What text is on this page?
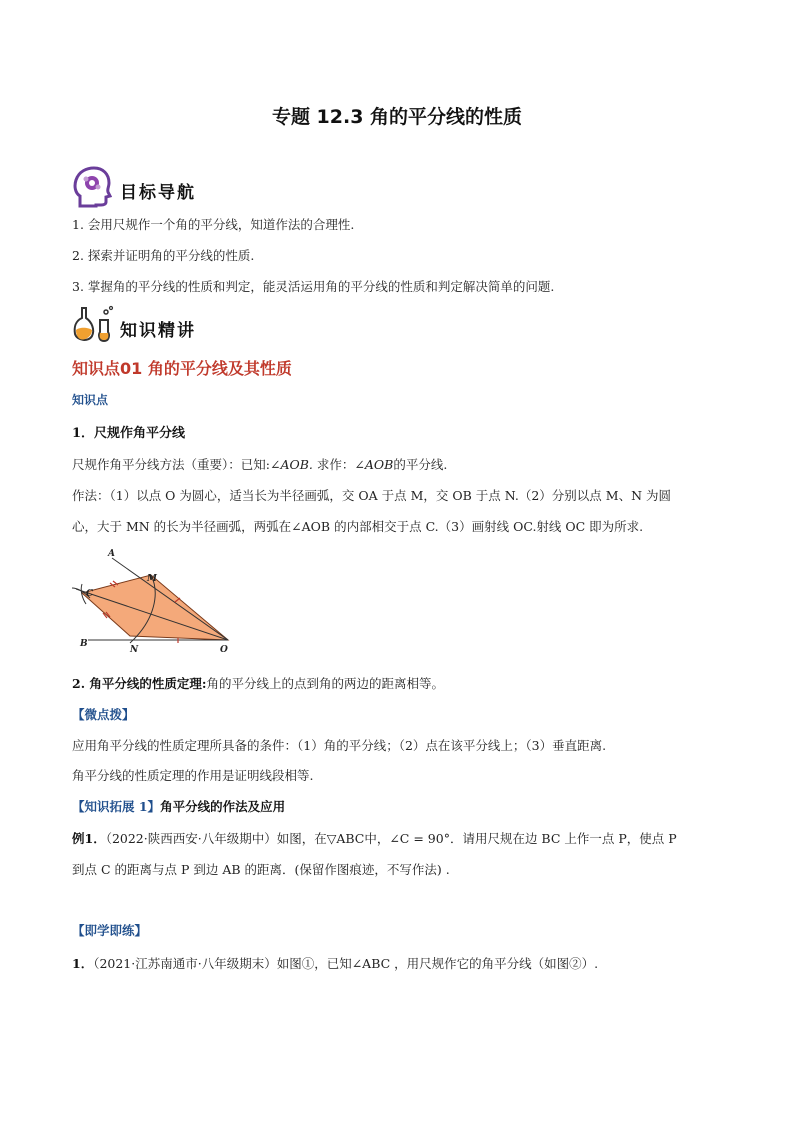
专题 12.3 角的平分线的性质
目标导航
1. 会用尺规作一个角的平分线，知道作法的合理性.
2. 探索并证明角的平分线的性质.
3. 掌握角的平分线的性质和判定，能灵活运用角的平分线的性质和判定解决简单的问题.
知识精讲
知识点01 角的平分线及其性质
知识点
1．尺规作角平分线
尺规作角平分线方法（重要）：已知:∠AOB. 求作：∠AOB的平分线.
作法：（1）以点 O 为圆心，适当长为半径画弧，交 OA 于点 M，交 OB 于点 N.（2）分别以点 M、N 为圆
心，大于 MN 的长为半径画弧，两弧在∠AOB 的内部相交于点 C.（3）画射线 OC.射线 OC 即为所求.
A
M
C
B
N	O
2. 角平分线的性质定理:角的平分线上的点到角的两边的距离相等。
【微点拨】
应用角平分线的性质定理所具备的条件：（1）角的平分线；（2）点在该平分线上；（3）垂直距离.
角平分线的性质定理的作用是证明线段相等.
【知识拓展 1】角平分线的作法及应用
例1．（2022·陕西西安·八年级期中）如图，在▽ABC中，∠C = 90°．请用尺规在边 BC 上作一点 P，使点 P
到点 C 的距离与点 P 到边 AB 的距离．(保留作图痕迹，不写作法) .
【即学即练】
1．（2021·江苏南通市·八年级期末）如图①，已知∠ABC ，用尺规作它的角平分线（如图②）.
